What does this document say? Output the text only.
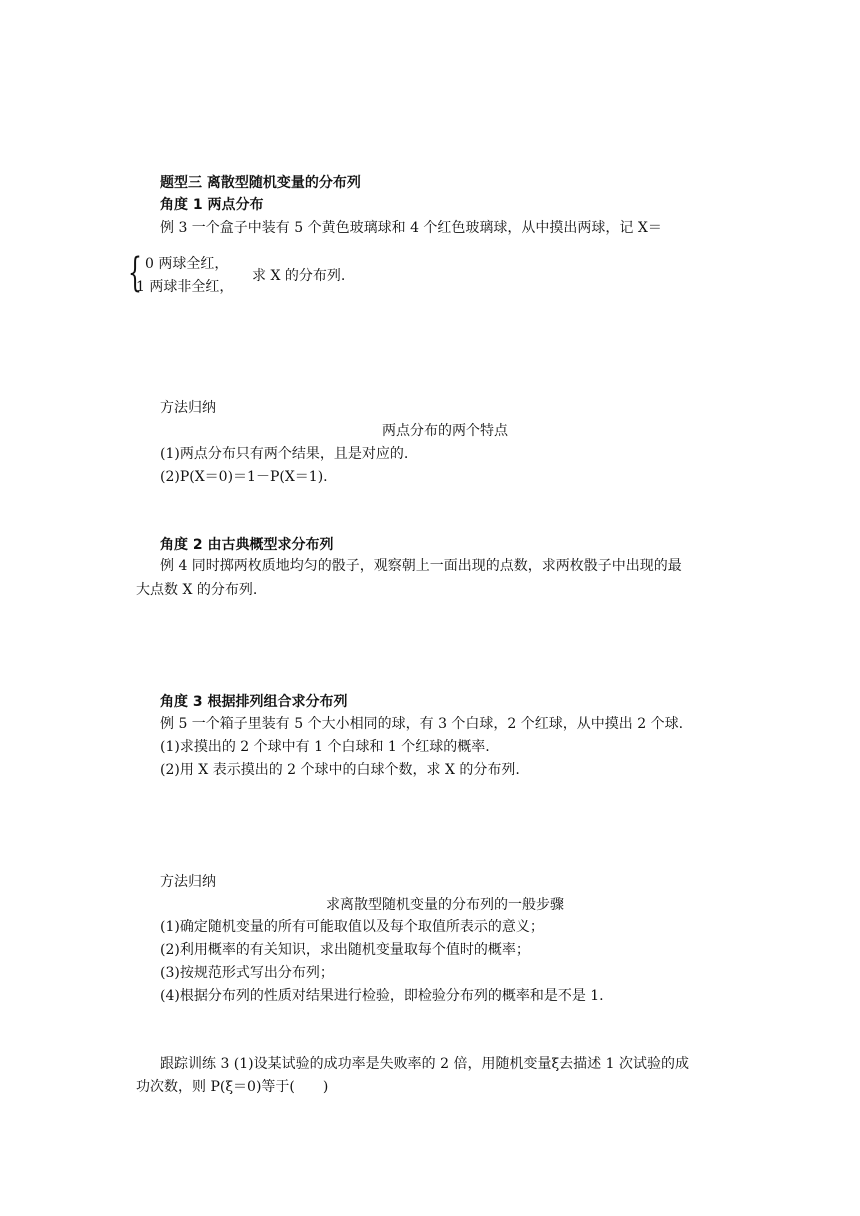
题型三 离散型随机变量的分布列
角度 1 两点分布
例 3 一个盒子中装有 5 个黄色玻璃球和 4 个红色玻璃球，从中摸出两球，记 X＝
{ 0 两球全红，
1 两球非全红，
求 X 的分布列.
方法归纳
两点分布的两个特点
(1)两点分布只有两个结果，且是对应的.
(2)P(X＝0)＝1－P(X＝1).
角度 2 由古典概型求分布列
例 4 同时掷两枚质地均匀的骰子，观察朝上一面出现的点数，求两枚骰子中出现的最
大点数 X 的分布列.
角度 3 根据排列组合求分布列
例 5 一个箱子里装有 5 个大小相同的球，有 3 个白球，2 个红球，从中摸出 2 个球.
(1)求摸出的 2 个球中有 1 个白球和 1 个红球的概率.
(2)用 X 表示摸出的 2 个球中的白球个数，求 X 的分布列.
方法归纳
求离散型随机变量的分布列的一般步骤
(1)确定随机变量的所有可能取值以及每个取值所表示的意义；
(2)利用概率的有关知识，求出随机变量取每个值时的概率；
(3)按规范形式写出分布列；
(4)根据分布列的性质对结果进行检验，即检验分布列的概率和是不是 1.
跟踪训练 3 (1)设某试验的成功率是失败率的 2 倍，用随机变量ξ去描述 1 次试验的成
功次数，则 P(ξ＝0)等于(　　)
